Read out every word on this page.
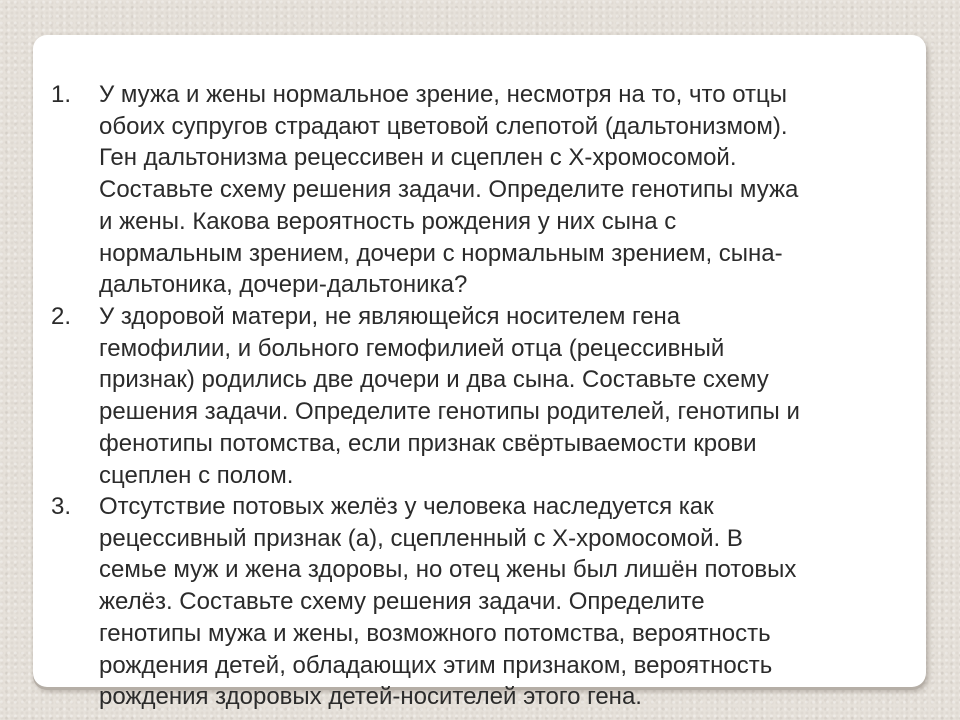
1. У мужа и жены нормальное зрение, несмотря на то, что отцы
обоих супругов страдают цветовой слепотой (дальтонизмом).
Ген дальтонизма рецессивен и сцеплен с Х-хромосомой.
Составьте схему решения задачи. Определите генотипы мужа
и жены. Какова вероятность рождения у них сына с
нормальным зрением, дочери с нормальным зрением, сына-
дальтоника, дочери-дальтоника?
2. У здоровой матери, не являющейся носителем гена
гемофилии, и больного гемофилией отца (рецессивный
признак) родились две дочери и два сына. Составьте схему
решения задачи. Определите генотипы родителей, генотипы и
фенотипы потомства, если признак свёртываемости крови
сцеплен с полом.
3. Отсутствие потовых желёз у человека наследуется как
рецессивный признак (а), сцепленный с Х-хромосомой. В
семье муж и жена здоровы, но отец жены был лишён потовых
желёз. Составьте схему решения задачи. Определите
генотипы мужа и жены, возможного потомства, вероятность
рождения детей, обладающих этим признаком, вероятность
рождения здоровых детей-носителей этого гена.
